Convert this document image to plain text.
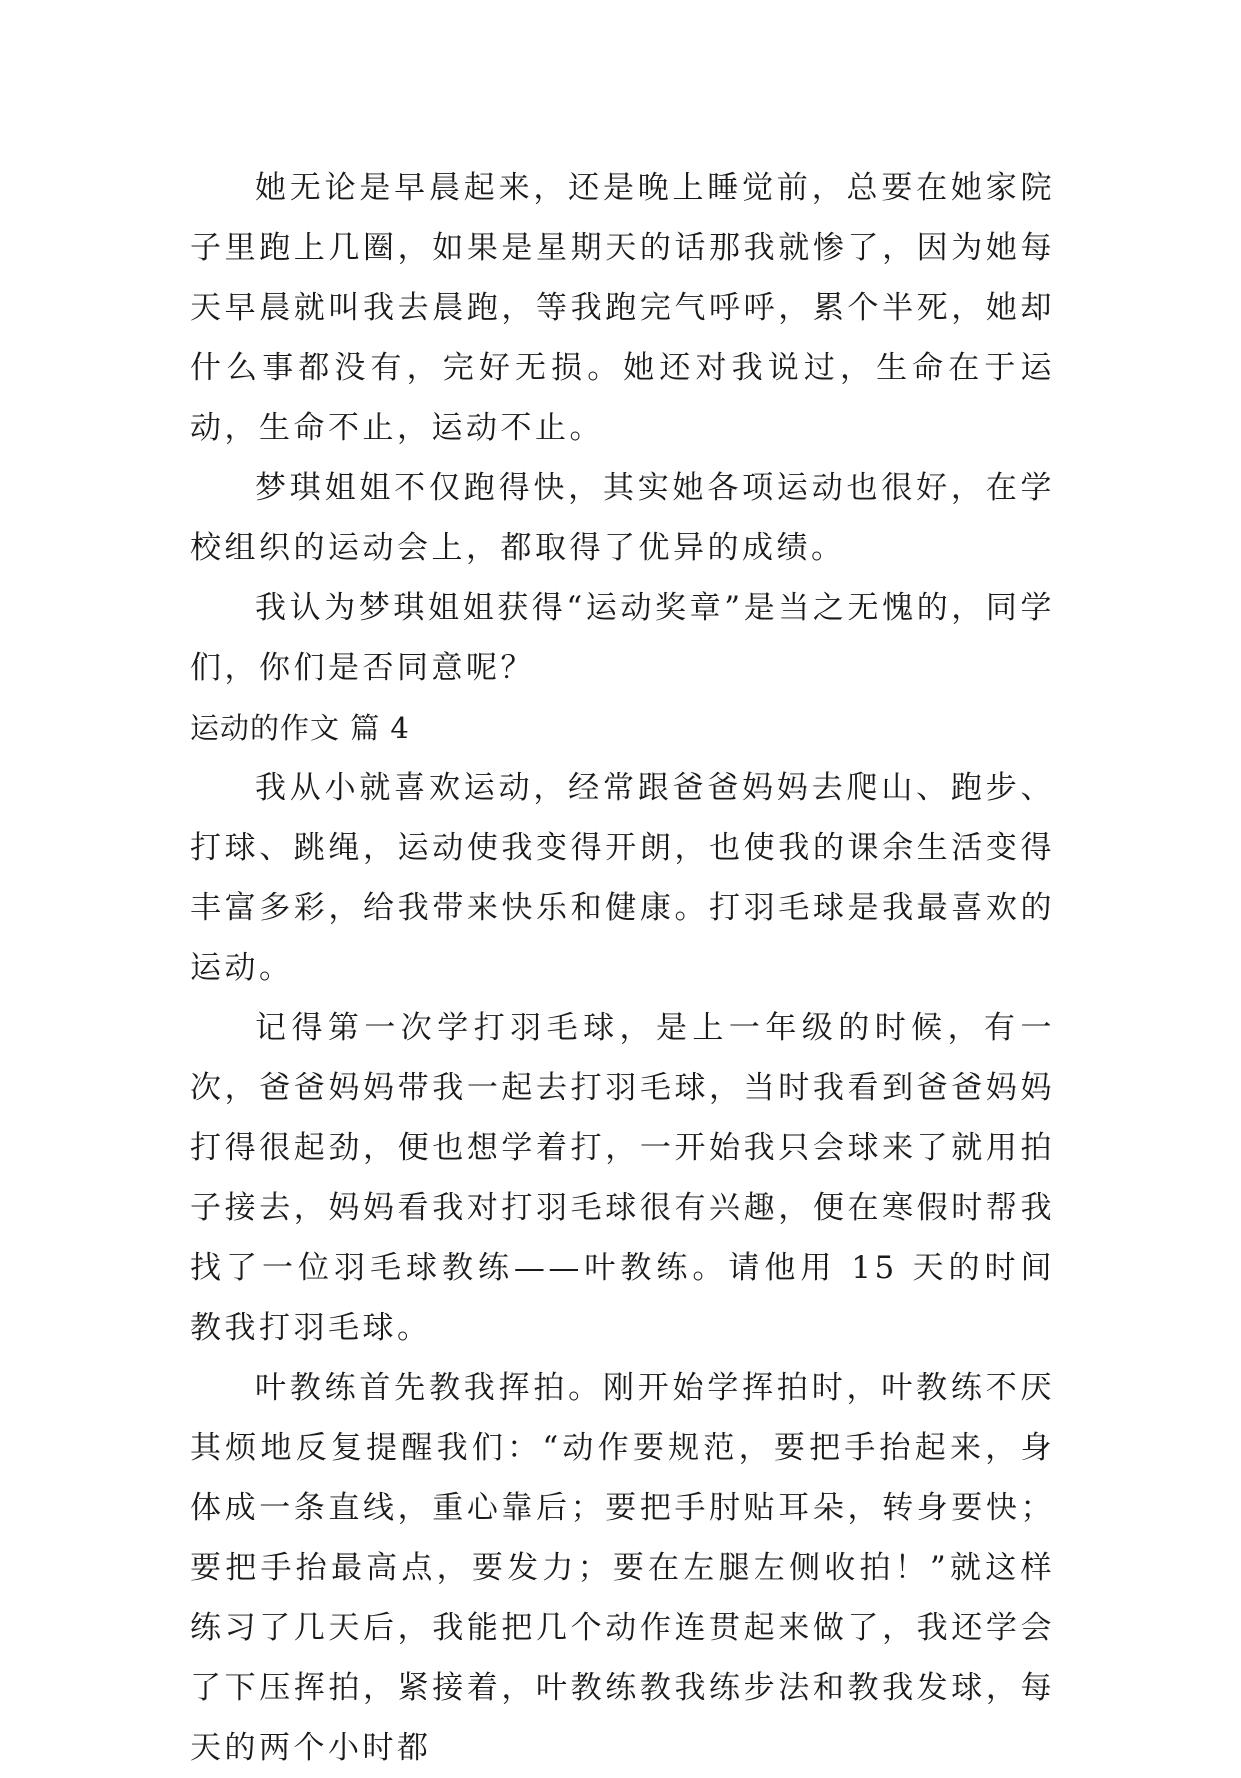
她无论是早晨起来，还是晚上睡觉前，总要在她家院子里跑上几圈，如果是星期天的话那我就惨了，因为她每天早晨就叫我去晨跑，等我跑完气呼呼，累个半死，她却什么事都没有，完好无损。她还对我说过，生命在于运动，生命不止，运动不止。

梦琪姐姐不仅跑得快，其实她各项运动也很好，在学校组织的运动会上，都取得了优异的成绩。

我认为梦琪姐姐获得“运动奖章”是当之无愧的，同学们，你们是否同意呢？

运动的作文 篇 4

我从小就喜欢运动，经常跟爸爸妈妈去爬山、跑步、打球、跳绳，运动使我变得开朗，也使我的课余生活变得丰富多彩，给我带来快乐和健康。打羽毛球是我最喜欢的运动。

记得第一次学打羽毛球，是上一年级的时候，有一次，爸爸妈妈带我一起去打羽毛球，当时我看到爸爸妈妈打得很起劲，便也想学着打，一开始我只会球来了就用拍子接去，妈妈看我对打羽毛球很有兴趣，便在寒假时帮我找了一位羽毛球教练——叶教练。请他用 15 天的时间教我打羽毛球。

叶教练首先教我挥拍。刚开始学挥拍时，叶教练不厌其烦地反复提醒我们：“动作要规范，要把手抬起来，身体成一条直线，重心靠后；要把手肘贴耳朵，转身要快；要把手抬最高点，要发力；要在左腿左侧收拍！”就这样练习了几天后，我能把几个动作连贯起来做了，我还学会了下压挥拍，紧接着，叶教练教我练步法和教我发球，每天的两个小时都
